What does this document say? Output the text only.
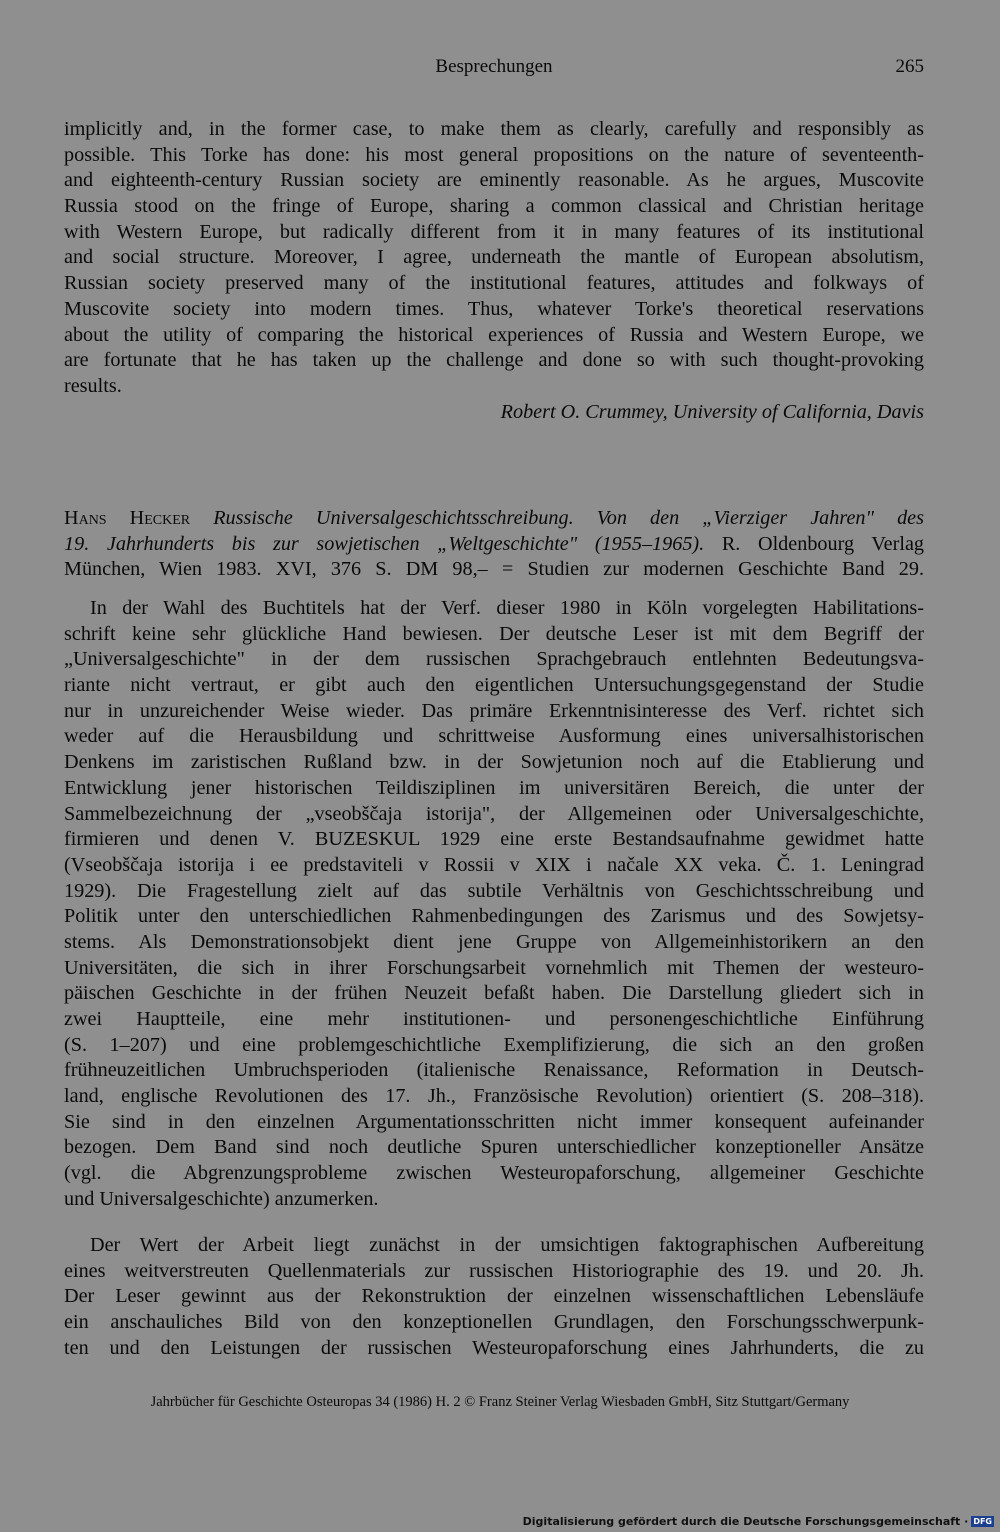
Besprechungen	265
implicitly and, in the former case, to make them as clearly, carefully and responsibly as
possible. This Torke has done: his most general propositions on the nature of seventeenth-
and eighteenth-century Russian society are eminently reasonable. As he argues, Muscovite
Russia stood on the fringe of Europe, sharing a common classical and Christian heritage
with Western Europe, but radically different from it in many features of its institutional
and social structure. Moreover, I agree, underneath the mantle of European absolutism,
Russian society preserved many of the institutional features, attitudes and folkways of
Muscovite society into modern times. Thus, whatever Torke's theoretical reservations
about the utility of comparing the historical experiences of Russia and Western Europe, we
are fortunate that he has taken up the challenge and done so with such thought-provoking
results.
Robert O. Crummey, University of California, Davis
Hans Hecker Russische Universalgeschichtsschreibung. Von den „Vierziger Jahren" des
19. Jahrhunderts bis zur sowjetischen „Weltgeschichte" (1955–1965). R. Oldenbourg Verlag
München, Wien 1983. XVI, 376 S. DM 98,– = Studien zur modernen Geschichte Band 29.
In der Wahl des Buchtitels hat der Verf. dieser 1980 in Köln vorgelegten Habilitations-
schrift keine sehr glückliche Hand bewiesen. Der deutsche Leser ist mit dem Begriff der
„Universalgeschichte" in der dem russischen Sprachgebrauch entlehnten Bedeutungsva-
riante nicht vertraut, er gibt auch den eigentlichen Untersuchungsgegenstand der Studie
nur in unzureichender Weise wieder. Das primäre Erkenntnisinteresse des Verf. richtet sich
weder auf die Herausbildung und schrittweise Ausformung eines universalhistorischen
Denkens im zaristischen Rußland bzw. in der Sowjetunion noch auf die Etablierung und
Entwicklung jener historischen Teildisziplinen im universitären Bereich, die unter der
Sammelbezeichnung der „vseobščaja istorija", der Allgemeinen oder Universalgeschichte,
firmieren und denen V. BUZESKUL 1929 eine erste Bestandsaufnahme gewidmet hatte
(Vseobščaja istorija i ee predstaviteli v Rossii v XIX i načale XX veka. Č. 1. Leningrad
1929). Die Fragestellung zielt auf das subtile Verhältnis von Geschichtsschreibung und
Politik unter den unterschiedlichen Rahmenbedingungen des Zarismus und des Sowjetsy-
stems. Als Demonstrationsobjekt dient jene Gruppe von Allgemeinhistorikern an den
Universitäten, die sich in ihrer Forschungsarbeit vornehmlich mit Themen der westeuro-
päischen Geschichte in der frühen Neuzeit befaßt haben. Die Darstellung gliedert sich in
zwei Hauptteile, eine mehr institutionen- und personengeschichtliche Einführung
(S. 1–207) und eine problemgeschichtliche Exemplifizierung, die sich an den großen
frühneuzeitlichen Umbruchsperioden (italienische Renaissance, Reformation in Deutsch-
land, englische Revolutionen des 17. Jh., Französische Revolution) orientiert (S. 208–318).
Sie sind in den einzelnen Argumentationsschritten nicht immer konsequent aufeinander
bezogen. Dem Band sind noch deutliche Spuren unterschiedlicher konzeptioneller Ansätze
(vgl. die Abgrenzungsprobleme zwischen Westeuropaforschung, allgemeiner Geschichte
und Universalgeschichte) anzumerken.
Der Wert der Arbeit liegt zunächst in der umsichtigen faktographischen Aufbereitung
eines weitverstreuten Quellenmaterials zur russischen Historiographie des 19. und 20. Jh.
Der Leser gewinnt aus der Rekonstruktion der einzelnen wissenschaftlichen Lebensläufe
ein anschauliches Bild von den konzeptionellen Grundlagen, den Forschungsschwerpunk-
ten und den Leistungen der russischen Westeuropaforschung eines Jahrhunderts, die zu
Jahrbücher für Geschichte Osteuropas 34 (1986) H. 2 © Franz Steiner Verlag Wiesbaden GmbH, Sitz Stuttgart/Germany
Digitalisierung gefördert durch die Deutsche Forschungsgemeinschaft · DFG
